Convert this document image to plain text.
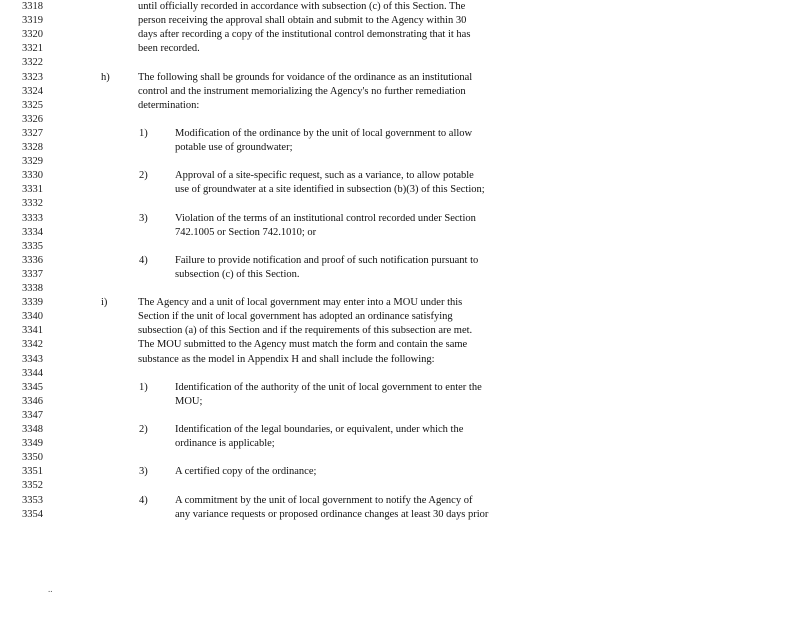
3318
3319
3320
3321
3322
3323
3324
3325
3326
3327
3328
3329
3330
3331
3332
3333
3334
3335
3336
3337
3338
3339
3340
3341
3342
3343
3344
3345
3346
3347
3348
3349
3350
3351
3352
3353
3354
until officially recorded in accordance with subsection (c) of this Section. The
person receiving the approval shall obtain and submit to the Agency within 30
days after recording a copy of the institutional control demonstrating that it has
been recorded.
h)	The following shall be grounds for voidance of the ordinance as an institutional
control and the instrument memorializing the Agency's no further remediation
determination:
1)	Modification of the ordinance by the unit of local government to allow
potable use of groundwater;
2)	Approval of a site-specific request, such as a variance, to allow potable
use of groundwater at a site identified in subsection (b)(3) of this Section;
3)	Violation of the terms of an institutional control recorded under Section
742.1005 or Section 742.1010; or
4)	Failure to provide notification and proof of such notification pursuant to
subsection (c) of this Section.
i)	The Agency and a unit of local government may enter into a MOU under this
Section if the unit of local government has adopted an ordinance satisfying
subsection (a) of this Section and if the requirements of this subsection are met.
The MOU submitted to the Agency must match the form and contain the same
substance as the model in Appendix H and shall include the following:
1)	Identification of the authority of the unit of local government to enter the
MOU;
2)	Identification of the legal boundaries, or equivalent, under which the
ordinance is applicable;
3)	A certified copy of the ordinance;
4)	A commitment by the unit of local government to notify the Agency of
any variance requests or proposed ordinance changes at least 30 days prior
..
